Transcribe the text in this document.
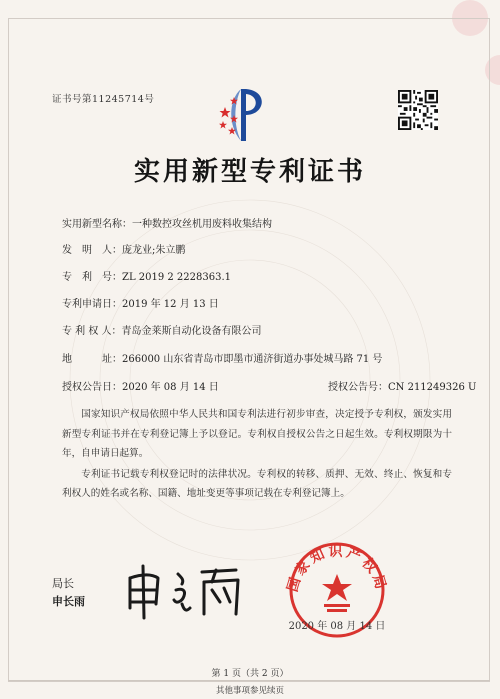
证书号第11245714号
实用新型专利证书
实用新型名称：一种数控攻丝机用废料收集结构
发　明　人：庞龙业;朱立鹏
专　利　号：ZL 2019 2 2228363.1
专利申请日：2019 年 12 月 13 日
专 利 权 人：青岛金莱斯自动化设备有限公司
地　　　址：266000 山东省青岛市即墨市通济街道办事处城马路 71 号
授权公告日：2020 年 08 月 14 日	授权公告号：CN 211249326 U

国家知识产权局依照中华人民共和国专利法进行初步审查，决定授予专利权，颁发实用新型专利证书并在专利登记簿上予以登记。专利权自授权公告之日起生效。专利权期限为十年，自申请日起算。

专利证书记载专利权登记时的法律状况。专利权的转移、质押、无效、终止、恢复和专利权人的姓名或名称、国籍、地址变更等事项记载在专利登记簿上。

局长
申长雨
国家知识产权局
2020 年 08 月 14 日
第 1 页（共 2 页）
其他事项参见续页
